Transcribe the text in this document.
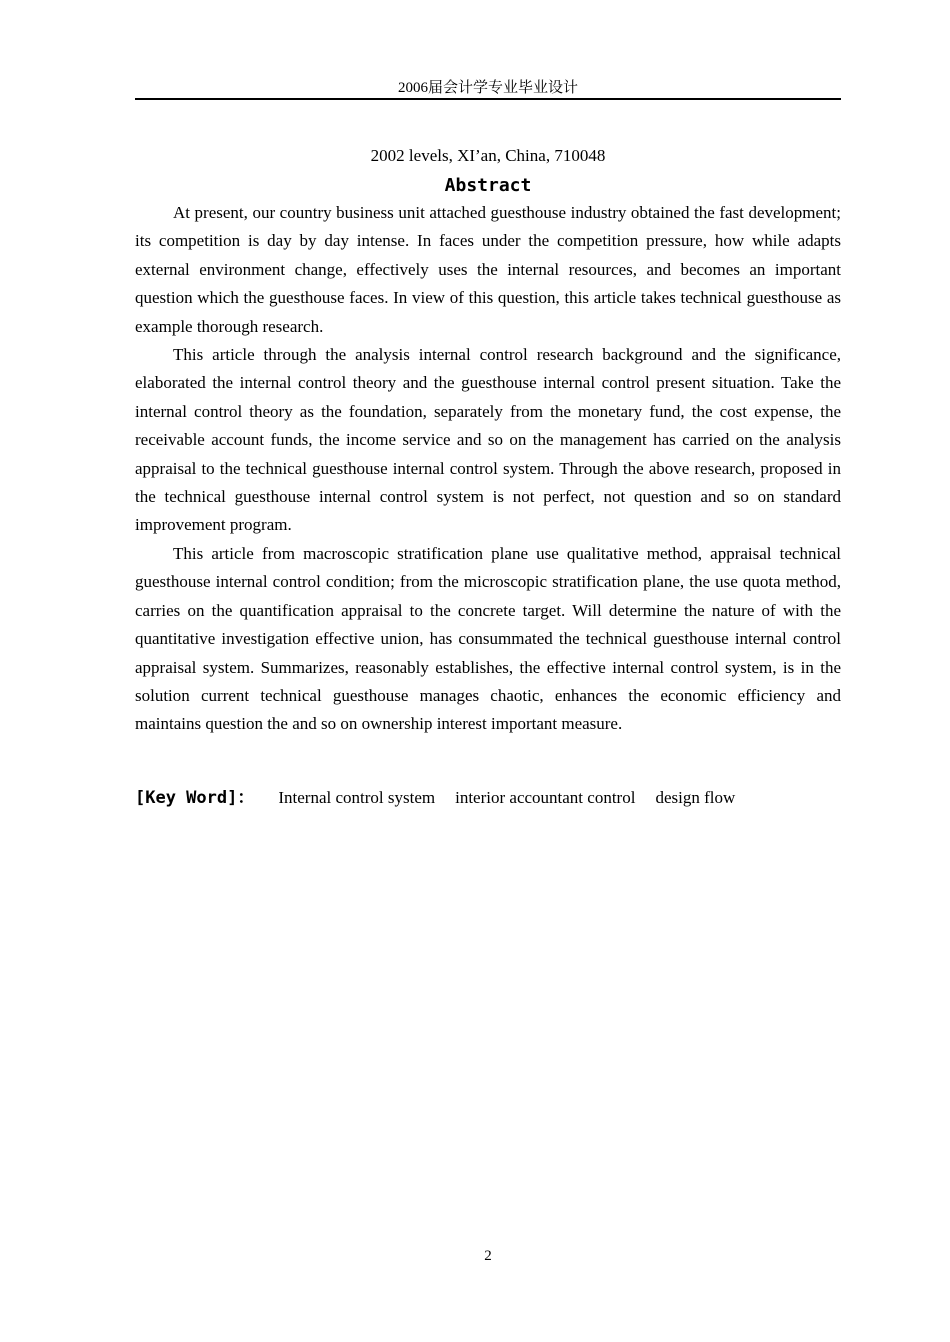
2006届会计学专业毕业设计
2002 levels, XI’an, China, 710048
Abstract

At present, our country business unit attached guesthouse industry obtained the fast development; its competition is day by day intense. In faces under the competition pressure, how while adapts external environment change, effectively uses the internal resources, and becomes an important question which the guesthouse faces. In view of this question, this article takes technical guesthouse as example thorough research.

This article through the analysis internal control research background and the significance, elaborated the internal control theory and the guesthouse internal control present situation. Take the internal control theory as the foundation, separately from the monetary fund, the cost expense, the receivable account funds, the income service and so on the management has carried on the analysis appraisal to the technical guesthouse internal control system. Through the above research, proposed in the technical guesthouse internal control system is not perfect, not question and so on standard improvement program.

This article from macroscopic stratification plane use qualitative method, appraisal technical guesthouse internal control condition; from the microscopic stratification plane, the use quota method, carries on the quantification appraisal to the concrete target. Will determine the nature of with the quantitative investigation effective union, has consummated the technical guesthouse internal control appraisal system. Summarizes, reasonably establishes, the effective internal control system, is in the solution current technical guesthouse manages chaotic, enhances the economic efficiency and maintains question the and so on ownership interest important measure.

[Key Word]： Internal control system interior accountant control design flow
2
